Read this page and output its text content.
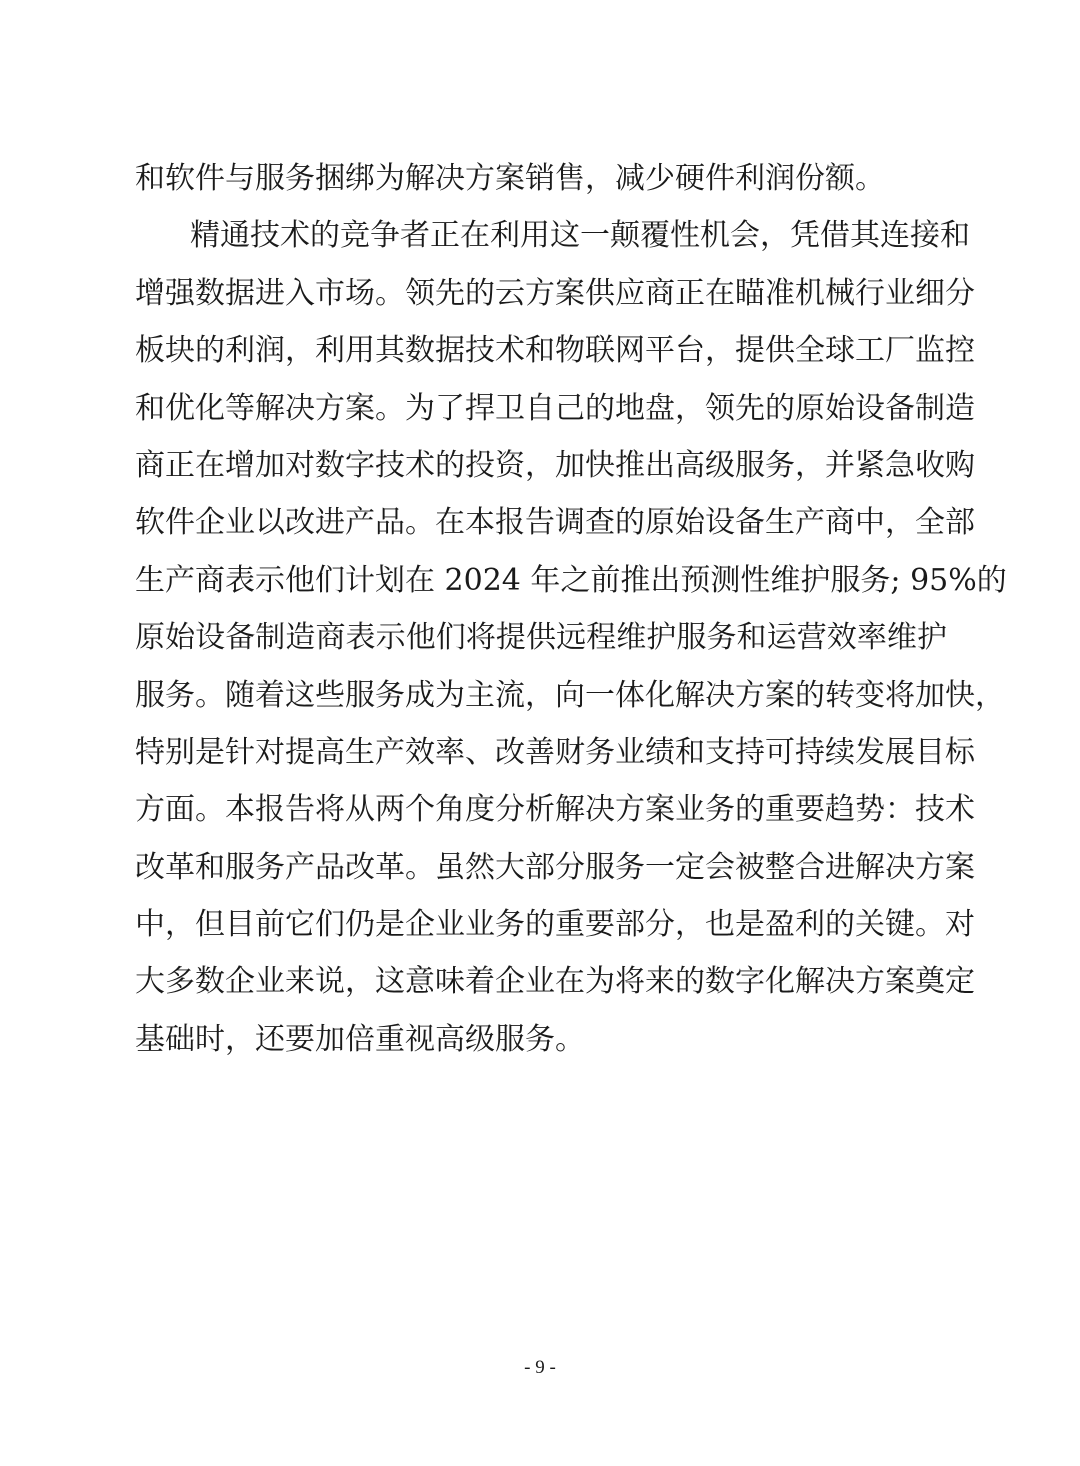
和软件与服务捆绑为解决方案销售，减少硬件利润份额。
精通技术的竞争者正在利用这一颠覆性机会，凭借其连接和
增强数据进入市场。领先的云方案供应商正在瞄准机械行业细分
板块的利润，利用其数据技术和物联网平台，提供全球工厂监控
和优化等解决方案。为了捍卫自己的地盘，领先的原始设备制造
商正在增加对数字技术的投资，加快推出高级服务，并紧急收购
软件企业以改进产品。在本报告调查的原始设备生产商中，全部
生产商表示他们计划在 2024 年之前推出预测性维护服务; 95%的
原始设备制造商表示他们将提供远程维护服务和运营效率维护
服务。随着这些服务成为主流，向一体化解决方案的转变将加快，
特别是针对提高生产效率、改善财务业绩和支持可持续发展目标
方面。本报告将从两个角度分析解决方案业务的重要趋势：技术
改革和服务产品改革。虽然大部分服务一定会被整合进解决方案
中，但目前它们仍是企业业务的重要部分，也是盈利的关键。对
大多数企业来说，这意味着企业在为将来的数字化解决方案奠定
基础时，还要加倍重视高级服务。
- 9 -
